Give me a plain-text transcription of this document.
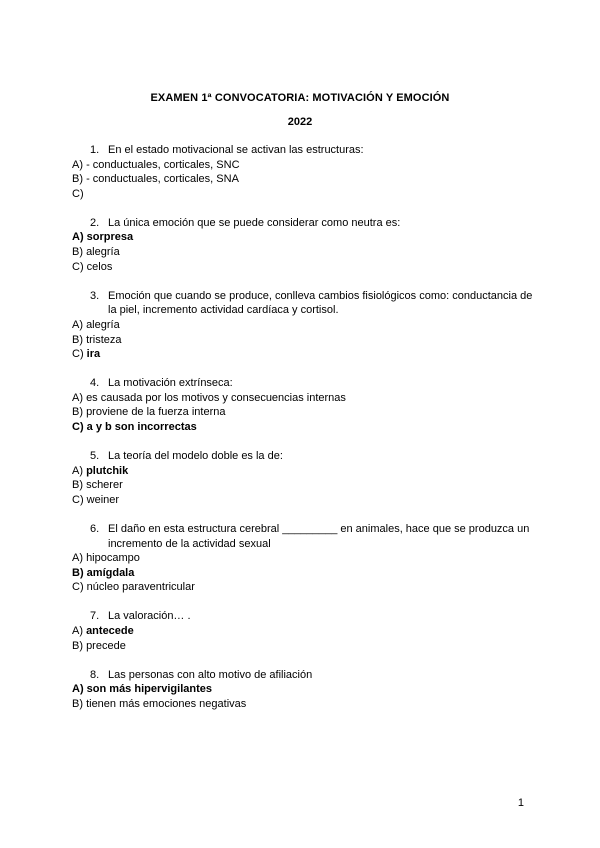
EXAMEN 1ª CONVOCATORIA: MOTIVACIÓN Y EMOCIÓN
2022
1. En el estado motivacional se activan las estructuras:
A) - conductuales, corticales, SNC
B) - conductuales, corticales, SNA
C)
2. La única emoción que se puede considerar como neutra es:
A) sorpresa
B) alegría
C) celos
3. Emoción que cuando se produce, conlleva cambios fisiológicos como: conductancia de la piel, incremento actividad cardíaca y cortisol.
A) alegría
B) tristeza
C) ira
4. La motivación extrínseca:
A) es causada por los motivos y consecuencias internas
B) proviene de la fuerza interna
C) a y b son incorrectas
5. La teoría del modelo doble es la de:
A) plutchik
B) scherer
C) weiner
6. El daño en esta estructura cerebral _________ en animales, hace que se produzca un incremento de la actividad sexual
A) hipocampo
B) amígdala
C) núcleo paraventricular
7. La valoración… .
A) antecede
B) precede
8. Las personas con alto motivo de afiliación
A) son más hipervigilantes
B) tienen más emociones negativas
1
